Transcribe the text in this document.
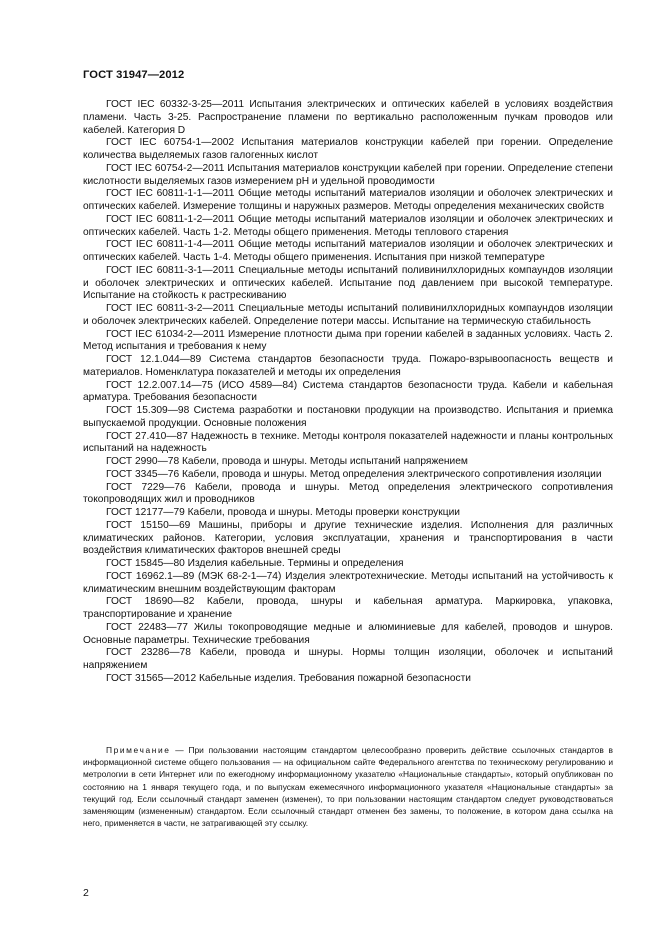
ГОСТ 31947—2012

ГОСТ IEC 60332-3-25—2011 Испытания электрических и оптических кабелей в условиях воздействия пламени. Часть 3-25. Распространение пламени по вертикально расположенным пучкам проводов или кабелей. Категория D

ГОСТ IEC 60754-1—2002 Испытания материалов конструкции кабелей при горении. Определение количества выделяемых газов галогенных кислот

ГОСТ IEC 60754-2—2011 Испытания материалов конструкции кабелей при горении. Определение степени кислотности выделяемых газов измерением pH и удельной проводимости

ГОСТ IEC 60811-1-1—2011 Общие методы испытаний материалов изоляции и оболочек электрических и оптических кабелей. Измерение толщины и наружных размеров. Методы определения механических свойств

ГОСТ IEC 60811-1-2—2011 Общие методы испытаний материалов изоляции и оболочек электрических и оптических кабелей. Часть 1-2. Методы общего применения. Методы теплового старения

ГОСТ IEC 60811-1-4—2011 Общие методы испытаний материалов изоляции и оболочек электрических и оптических кабелей. Часть 1-4. Методы общего применения. Испытания при низкой температуре

ГОСТ IEC 60811-3-1—2011 Специальные методы испытаний поливинилхлоридных компаундов изоляции и оболочек электрических и оптических кабелей. Испытание под давлением при высокой температуре. Испытание на стойкость к растрескиванию

ГОСТ IEC 60811-3-2—2011 Специальные методы испытаний поливинилхлоридных компаундов изоляции и оболочек электрических кабелей. Определение потери массы. Испытание на термическую стабильность

ГОСТ IEC 61034-2—2011 Измерение плотности дыма при горении кабелей в заданных условиях. Часть 2. Метод испытания и требования к нему

ГОСТ 12.1.044—89 Система стандартов безопасности труда. Пожаро-взрывоопасность веществ и материалов. Номенклатура показателей и методы их определения

ГОСТ 12.2.007.14—75 (ИСО 4589—84) Система стандартов безопасности труда. Кабели и кабельная арматура. Требования безопасности

ГОСТ 15.309—98 Система разработки и постановки продукции на производство. Испытания и приемка выпускаемой продукции. Основные положения

ГОСТ 27.410—87 Надежность в технике. Методы контроля показателей надежности и планы контрольных испытаний на надежность

ГОСТ 2990—78 Кабели, провода и шнуры. Методы испытаний напряжением

ГОСТ 3345—76 Кабели, провода и шнуры. Метод определения электрического сопротивления изоляции

ГОСТ 7229—76 Кабели, провода и шнуры. Метод определения электрического сопротивления токопроводящих жил и проводников

ГОСТ 12177—79 Кабели, провода и шнуры. Методы проверки конструкции

ГОСТ 15150—69 Машины, приборы и другие технические изделия. Исполнения для различных климатических районов. Категории, условия эксплуатации, хранения и транспортирования в части воздействия климатических факторов внешней среды

ГОСТ 15845—80 Изделия кабельные. Термины и определения

ГОСТ 16962.1—89 (МЭК 68-2-1—74) Изделия электротехнические. Методы испытаний на устойчивость к климатическим внешним воздействующим факторам

ГОСТ 18690—82 Кабели, провода, шнуры и кабельная арматура. Маркировка, упаковка, транспортирование и хранение

ГОСТ 22483—77 Жилы токопроводящие медные и алюминиевые для кабелей, проводов и шнуров. Основные параметры. Технические требования

ГОСТ 23286—78 Кабели, провода и шнуры. Нормы толщин изоляции, оболочек и испытаний напряжением

ГОСТ 31565—2012 Кабельные изделия. Требования пожарной безопасности

Примечание — При пользовании настоящим стандартом целесообразно проверить действие ссылочных стандартов в информационной системе общего пользования — на официальном сайте Федерального агентства по техническому регулированию и метрологии в сети Интернет или по ежегодному информационному указателю «Национальные стандарты», который опубликован по состоянию на 1 января текущего года, и по выпускам ежемесячного информационного указателя «Национальные стандарты» за текущий год. Если ссылочный стандарт заменен (изменен), то при пользовании настоящим стандартом следует руководствоваться заменяющим (измененным) стандартом. Если ссылочный стандарт отменен без замены, то положение, в котором дана ссылка на него, применяется в части, не затрагивающей эту ссылку.
2
